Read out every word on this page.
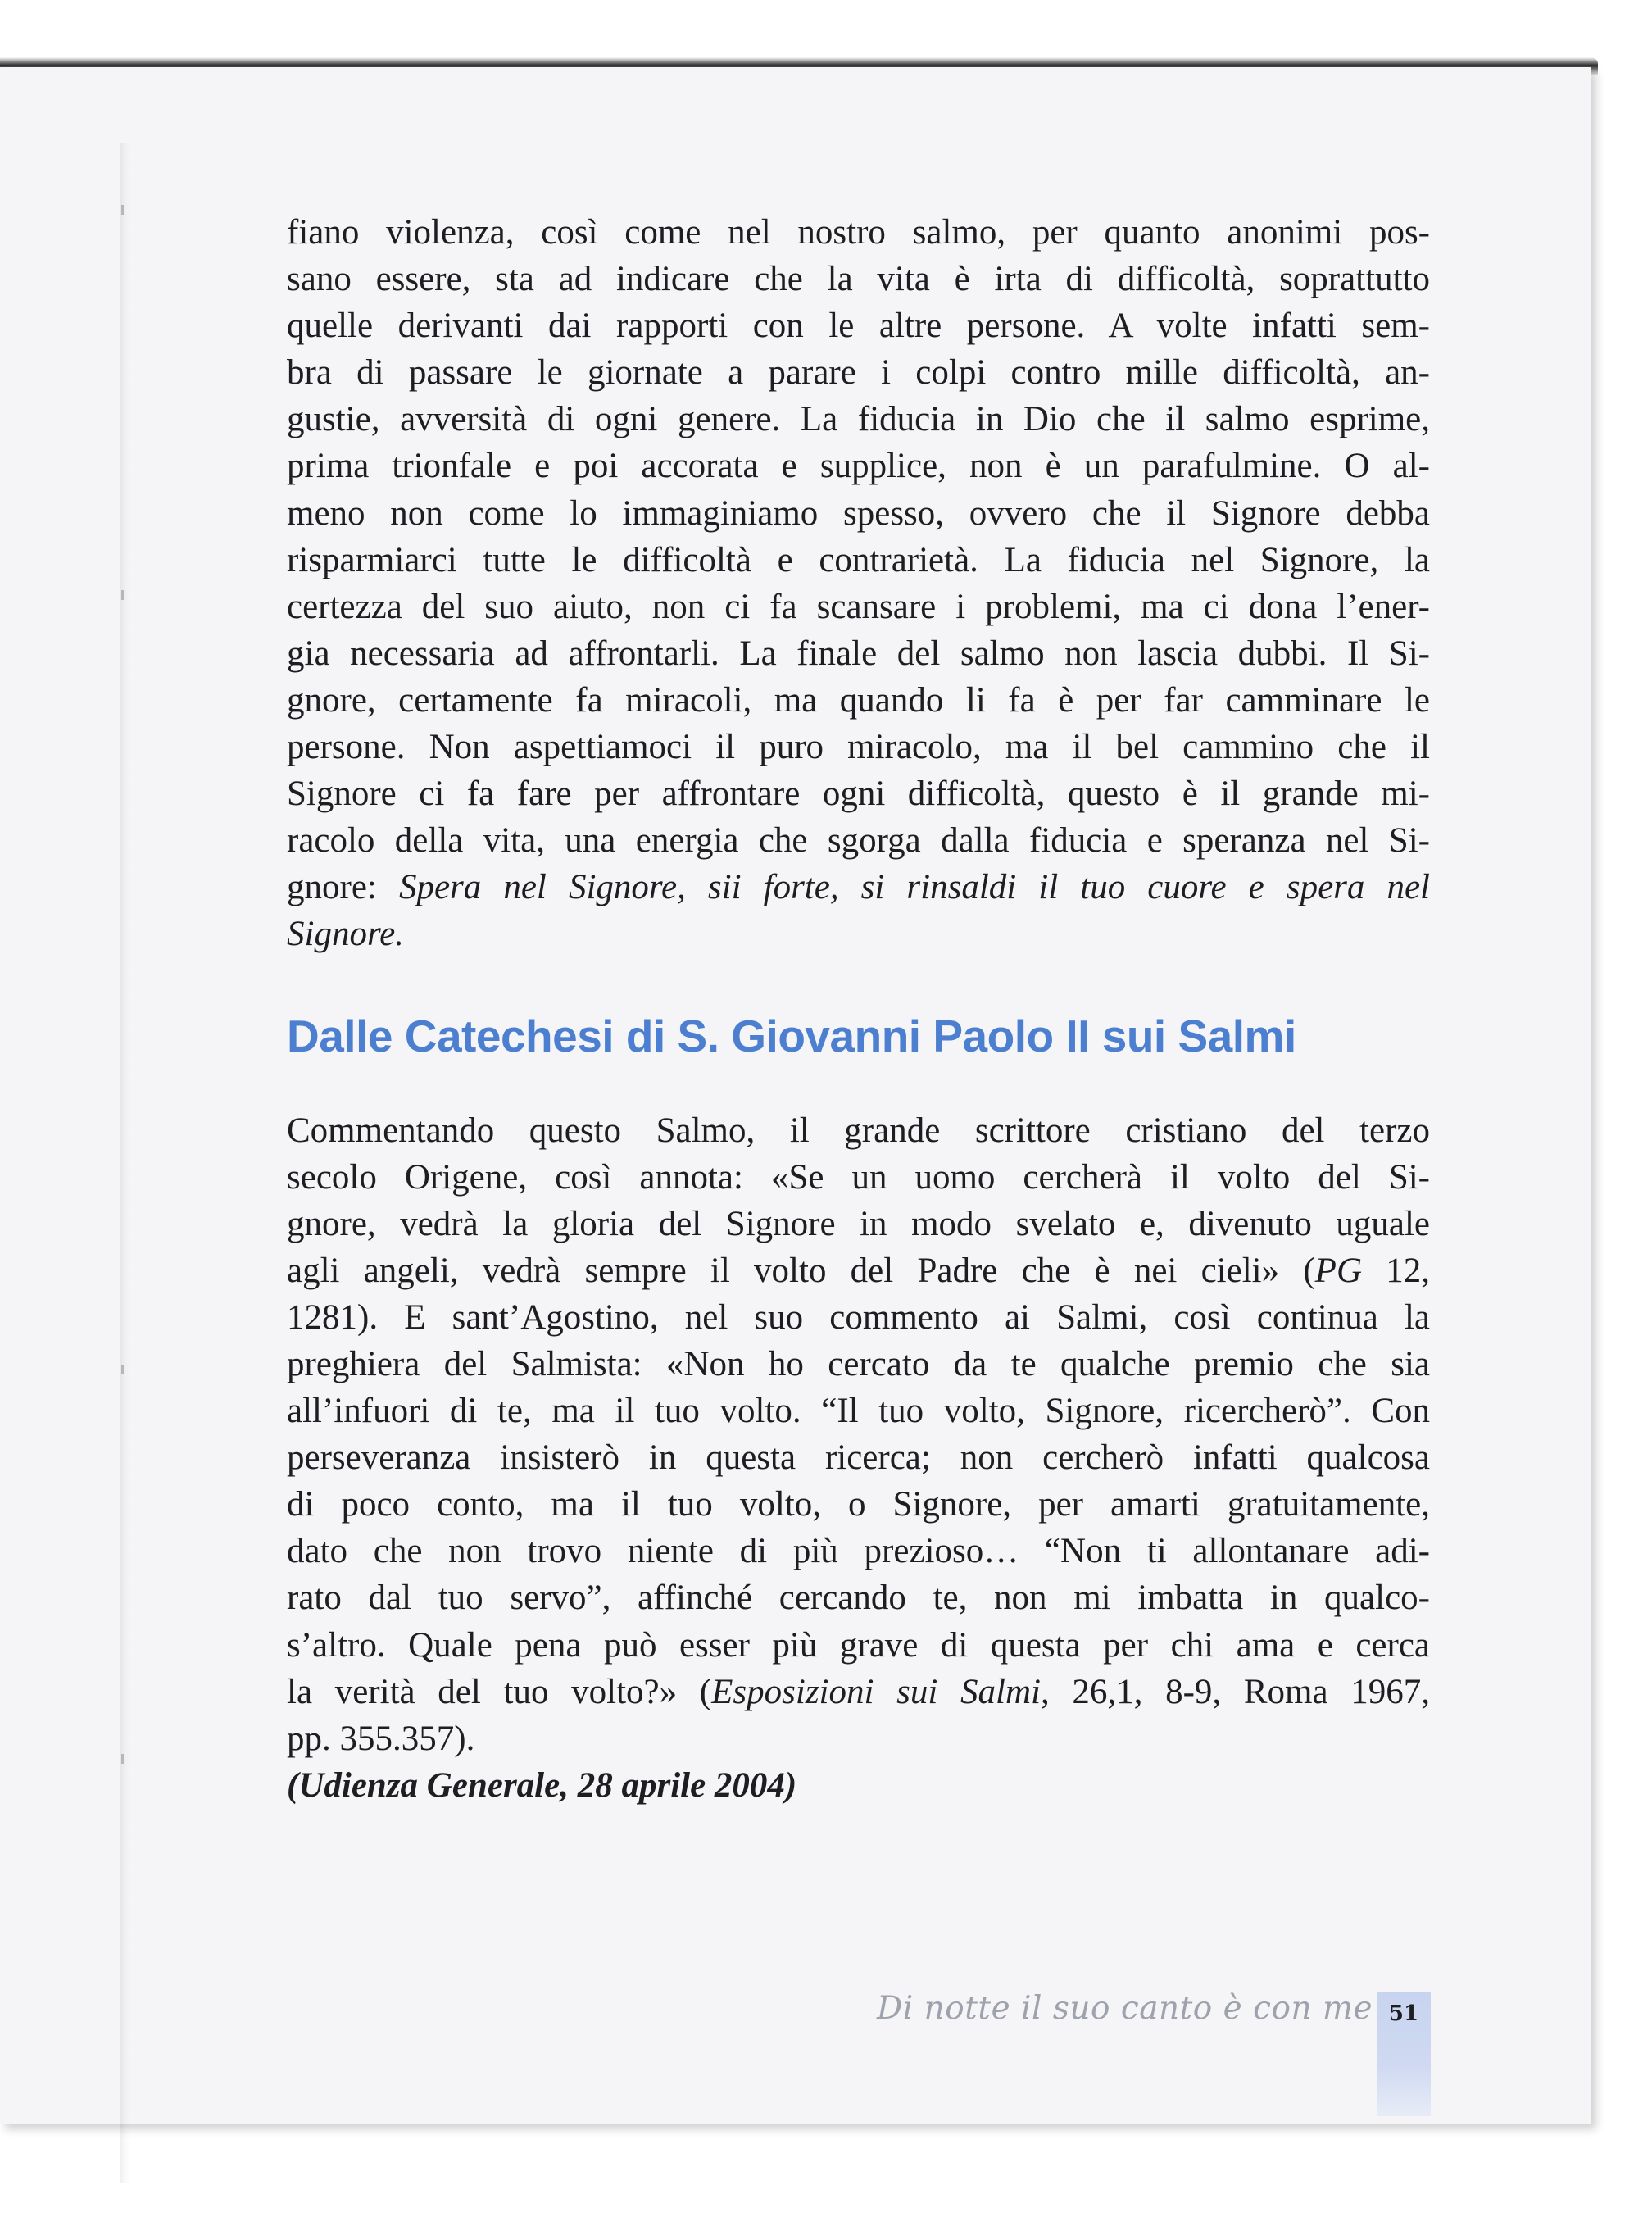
fiano violenza, così come nel nostro salmo, per quanto anonimi pos-
sano essere, sta ad indicare che la vita è irta di difficoltà, soprattutto
quelle derivanti dai rapporti con le altre persone. A volte infatti sem-
bra di passare le giornate a parare i colpi contro mille difficoltà, an-
gustie, avversità di ogni genere. La fiducia in Dio che il salmo esprime,
prima trionfale e poi accorata e supplice, non è un parafulmine. O al-
meno non come lo immaginiamo spesso, ovvero che il Signore debba
risparmiarci tutte le difficoltà e contrarietà. La fiducia nel Signore, la
certezza del suo aiuto, non ci fa scansare i problemi, ma ci dona l’ener-
gia necessaria ad affrontarli. La finale del salmo non lascia dubbi. Il Si-
gnore, certamente fa miracoli, ma quando li fa è per far camminare le
persone. Non aspettiamoci il puro miracolo, ma il bel cammino che il
Signore ci fa fare per affrontare ogni difficoltà, questo è il grande mi-
racolo della vita, una energia che sgorga dalla fiducia e speranza nel Si-
gnore: Spera nel Signore, sii forte, si rinsaldi il tuo cuore e spera nel
Signore.

Dalle Catechesi di S. Giovanni Paolo II sui Salmi

Commentando questo Salmo, il grande scrittore cristiano del terzo
secolo Origene, così annota: «Se un uomo cercherà il volto del Si-
gnore, vedrà la gloria del Signore in modo svelato e, divenuto uguale
agli angeli, vedrà sempre il volto del Padre che è nei cieli» (PG 12,
1281). E sant’Agostino, nel suo commento ai Salmi, così continua la
preghiera del Salmista: «Non ho cercato da te qualche premio che sia
all’infuori di te, ma il tuo volto. “Il tuo volto, Signore, ricercherò”. Con
perseveranza insisterò in questa ricerca; non cercherò infatti qualcosa
di poco conto, ma il tuo volto, o Signore, per amarti gratuitamente,
dato che non trovo niente di più prezioso… “Non ti allontanare adi-
rato dal tuo servo”, affinché cercando te, non mi imbatta in qualco-
s’altro. Quale pena può esser più grave di questa per chi ama e cerca
la verità del tuo volto?» (Esposizioni sui Salmi, 26,1, 8-9, Roma 1967,
pp. 355.357).

(Udienza Generale, 28 aprile 2004)

Di notte il suo canto è con me 51
